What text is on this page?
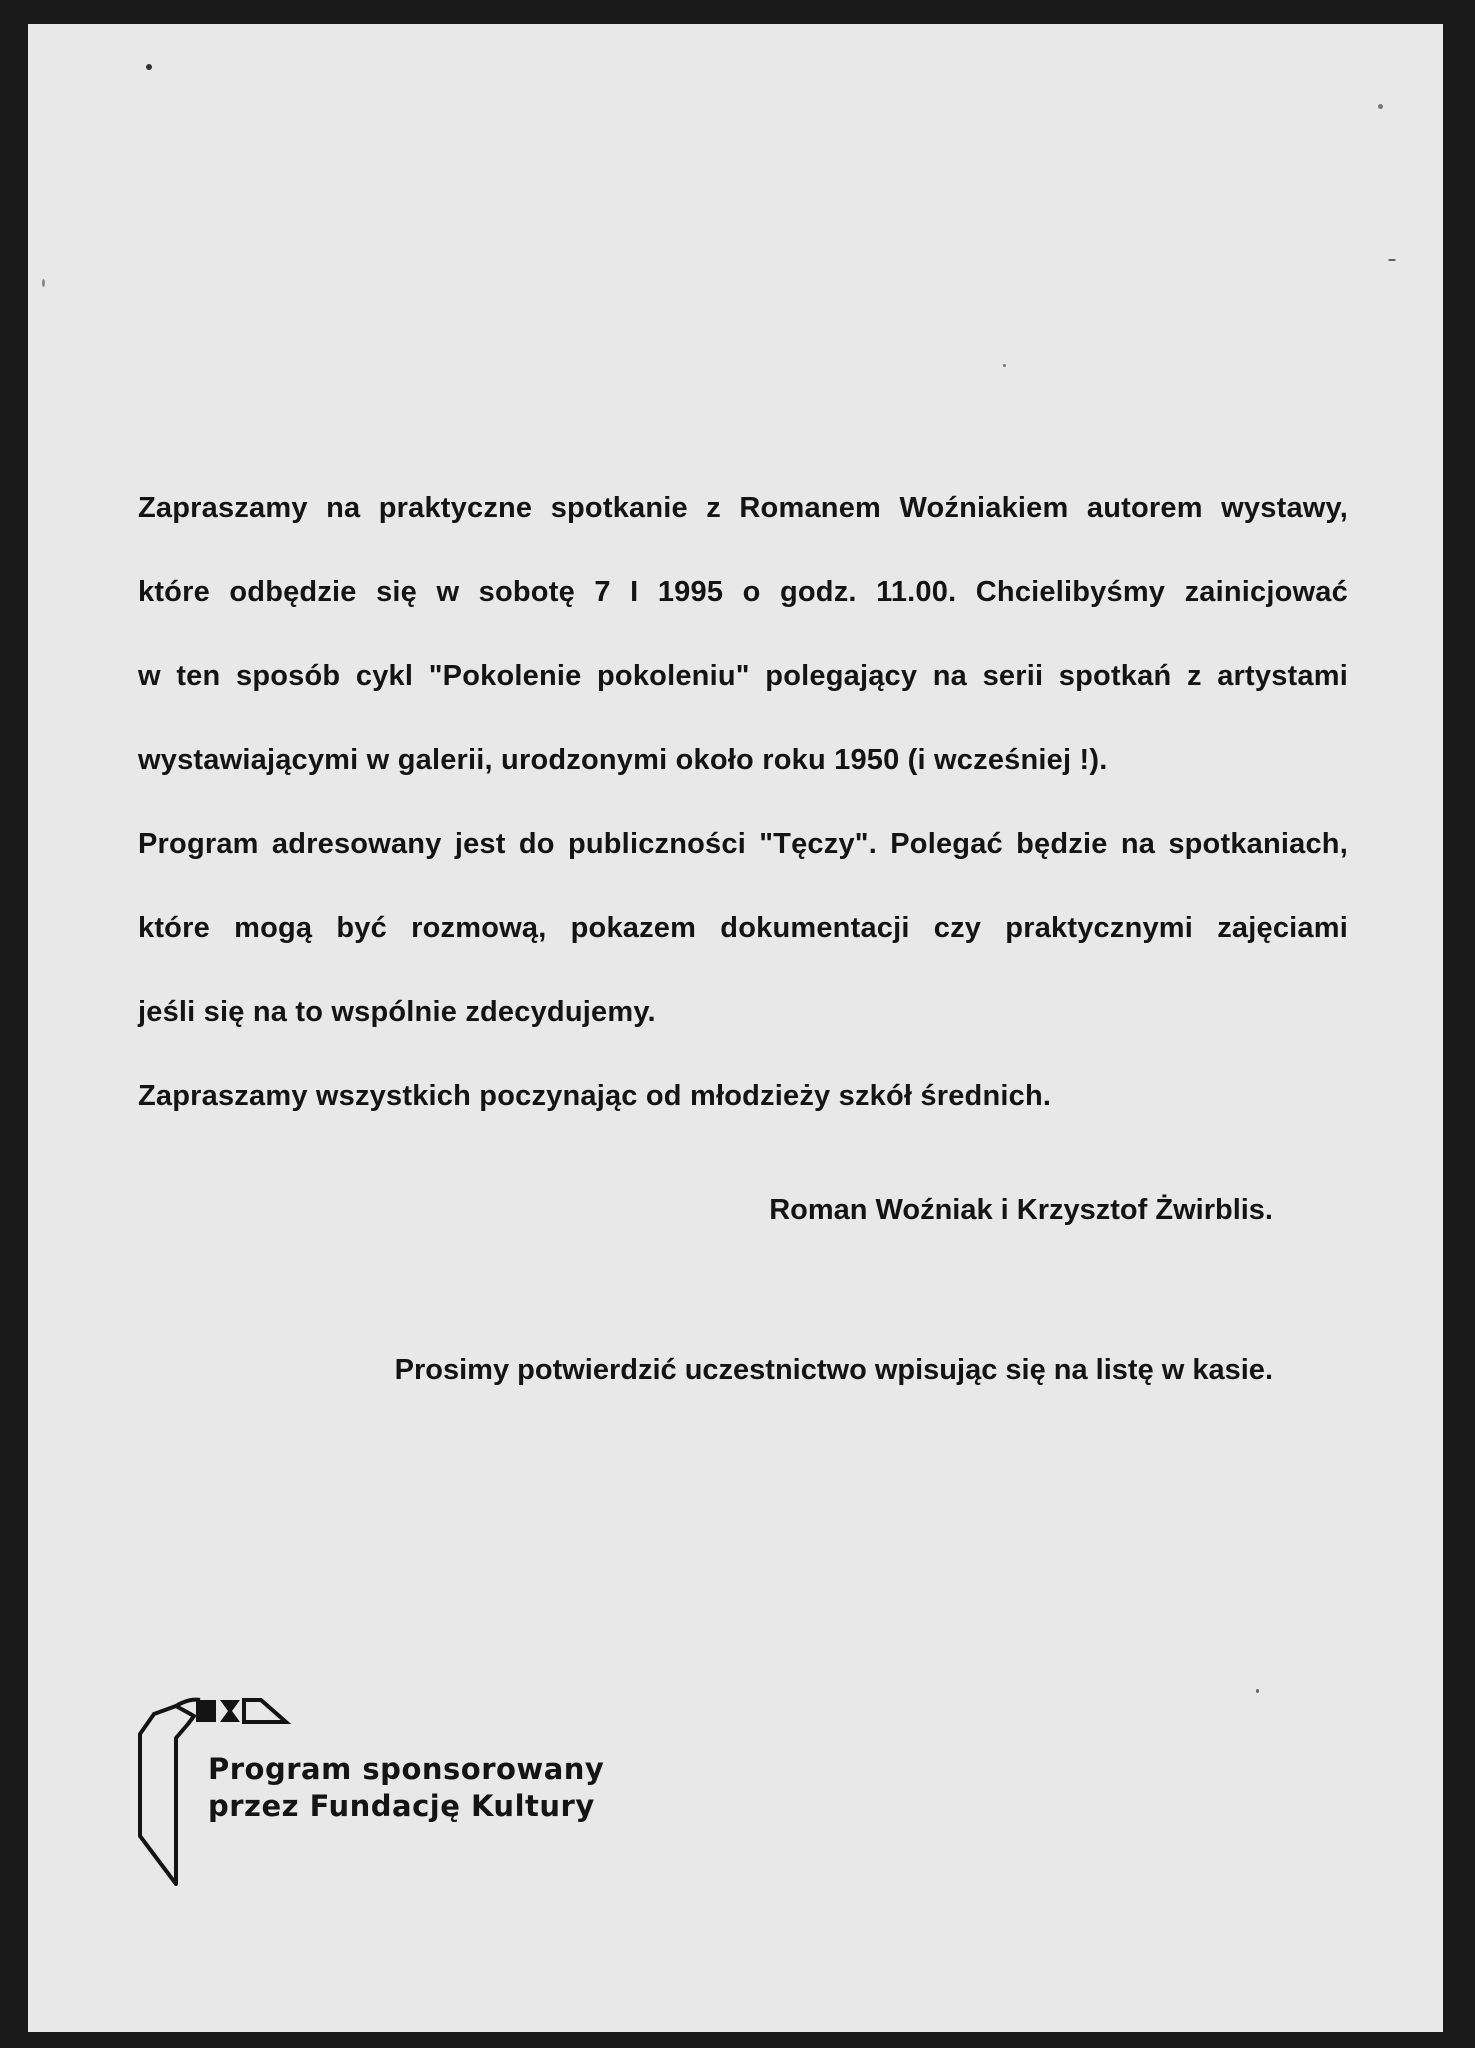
Zapraszamy na praktyczne spotkanie z Romanem Woźniakiem autorem wystawy,
które odbędzie się w sobotę 7 I 1995 o godz. 11.00. Chcielibyśmy zainicjować
w ten sposób cykl "Pokolenie pokoleniu" polegający na serii spotkań z artystami
wystawiającymi w galerii, urodzonymi około roku 1950 (i wcześniej !).
Program adresowany jest do publiczności "Tęczy". Polegać będzie na spotkaniach,
które mogą być rozmową, pokazem dokumentacji czy praktycznymi zajęciami
jeśli się na to wspólnie zdecydujemy.
Zapraszamy wszystkich poczynając od młodzieży szkół średnich.
Roman Woźniak i Krzysztof Żwirblis.
Prosimy potwierdzić uczestnictwo wpisując się na listę w kasie.
Program sponsorowany
przez Fundację Kultury
